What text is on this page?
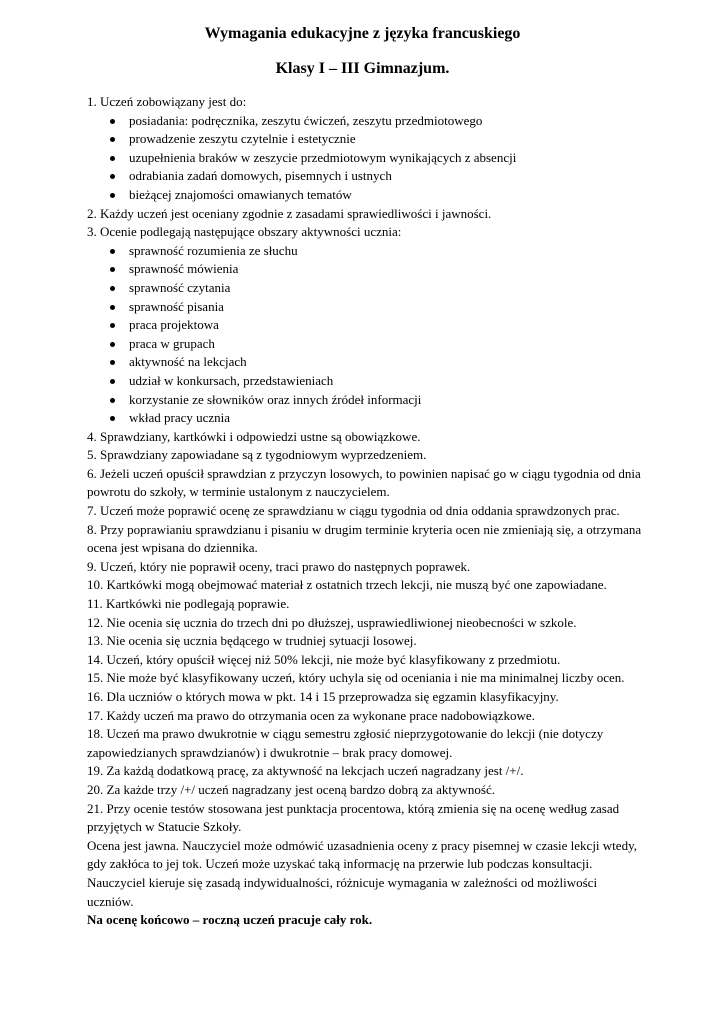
Wymagania edukacyjne z języka francuskiego

Klasy I – III Gimnazjum.

1. Uczeń zobowiązany jest do:

posiadania: podręcznika, zeszytu ćwiczeń, zeszytu przedmiotowego

prowadzenie zeszytu czytelnie i estetycznie

uzupełnienia braków w zeszycie przedmiotowym wynikających z absencji

odrabiania zadań domowych, pisemnych i ustnych

bieżącej znajomości omawianych tematów

2. Każdy uczeń jest oceniany zgodnie z zasadami sprawiedliwości i jawności.

3. Ocenie podlegają następujące obszary aktywności ucznia:

sprawność rozumienia ze słuchu

sprawność mówienia

sprawność czytania

sprawność pisania

praca projektowa

praca w grupach

aktywność na lekcjach

udział w konkursach, przedstawieniach

korzystanie ze słowników oraz innych źródeł informacji

wkład pracy ucznia

4. Sprawdziany, kartkówki i odpowiedzi ustne są obowiązkowe.

5. Sprawdziany zapowiadane są z tygodniowym wyprzedzeniem.

6. Jeżeli uczeń opuścił sprawdzian z przyczyn losowych, to powinien napisać go w ciągu tygodnia od dnia powrotu do szkoły, w terminie ustalonym z nauczycielem.

7. Uczeń może poprawić ocenę ze sprawdzianu w ciągu tygodnia od dnia oddania sprawdzonych prac.

8. Przy poprawianiu sprawdzianu i pisaniu w drugim terminie kryteria ocen nie zmieniają się, a otrzymana ocena jest wpisana do dziennika.

9. Uczeń, który nie poprawił oceny, traci prawo do następnych poprawek.

10. Kartkówki mogą obejmować materiał z ostatnich trzech lekcji, nie muszą być one zapowiadane.

11. Kartkówki nie podlegają poprawie.

12. Nie ocenia się ucznia do trzech dni po dłuższej, usprawiedliwionej nieobecności w szkole.

13. Nie ocenia się ucznia będącego w trudniej sytuacji losowej.

14. Uczeń, który opuścił więcej niż 50% lekcji, nie może być klasyfikowany z przedmiotu.

15. Nie może być klasyfikowany uczeń, który uchyla się od oceniania i nie ma minimalnej liczby ocen.

16. Dla uczniów o których mowa w pkt. 14 i 15 przeprowadza się egzamin klasyfikacyjny.

17. Każdy uczeń ma prawo do otrzymania ocen za wykonane prace nadobowiązkowe.

18. Uczeń ma prawo dwukrotnie w ciągu semestru zgłosić nieprzygotowanie do lekcji (nie dotyczy zapowiedzianych sprawdzianów) i dwukrotnie – brak pracy domowej.

19. Za każdą dodatkową pracę, za aktywność na lekcjach uczeń nagradzany jest /+/.

20. Za każde trzy /+/ uczeń nagradzany jest oceną bardzo dobrą za aktywność.

21. Przy ocenie testów stosowana jest punktacja procentowa, którą zmienia się na ocenę według zasad przyjętych w Statucie Szkoły.

Ocena jest jawna. Nauczyciel może odmówić uzasadnienia oceny z pracy pisemnej w czasie lekcji wtedy, gdy zakłóca to jej tok. Uczeń może uzyskać taką informację na przerwie lub podczas konsultacji.

Nauczyciel kieruje się zasadą indywidualności, różnicuje wymagania w zależności od możliwości uczniów.

Na ocenę końcowo – roczną uczeń pracuje cały rok.
